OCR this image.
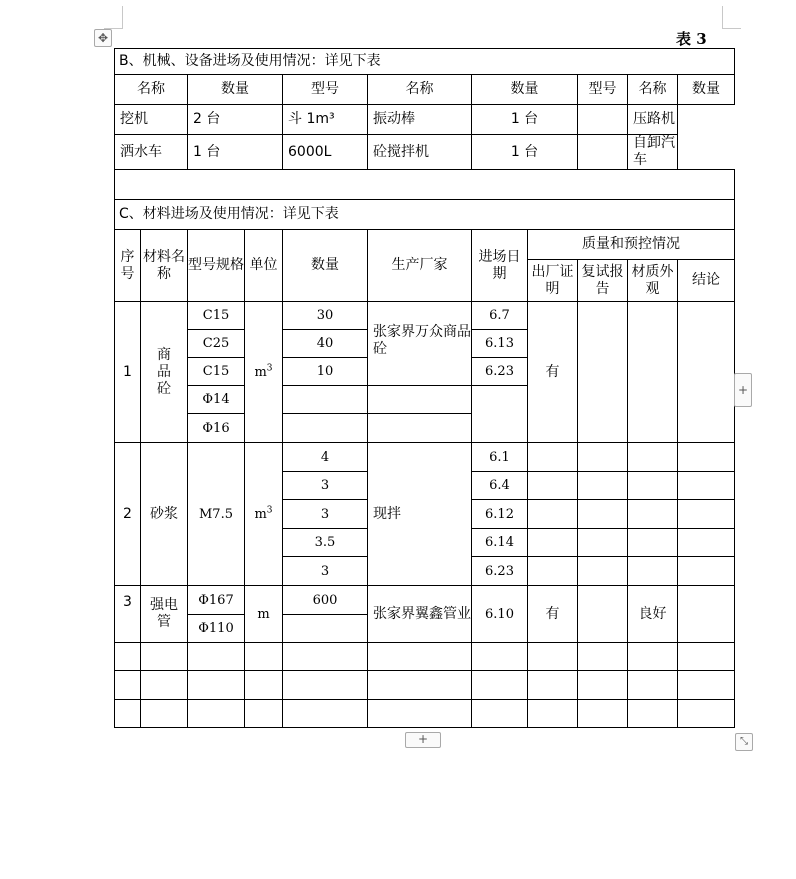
✥	表 3
B、机械、设备进场及使用情况：详见下表										
名称		数量		型号	名称	数量		型号	名称	数量
挖机		2 台		斗 1m³	振动棒	1 台			压路机
洒水车		1 台		6000L	砼搅拌机	1 台			自卸汽车

C、材料进场及使用情况：详见下表										
序号	材料名称	型号规格	单位	数量	生产厂家	进场日期	质量和预控情况			
							出厂证明	复试报告	材质外观	结论
1	商品砼	C15	$m^3$	30	张家界万众商品砼	6.7	有			
		C25		40		6.13				
		C15		10		6.23				
		Φ14								
		Φ16								
2	砂浆	M7.5	$m^3$	4	现拌	6.1				
				3		6.4				
				3		6.12				
				3.5		6.14				
				3		6.23				
3	强电管	Φ167	m	600	张家界翼鑫管业	6.10	有		良好	
		Φ110								

+
+	⤡
